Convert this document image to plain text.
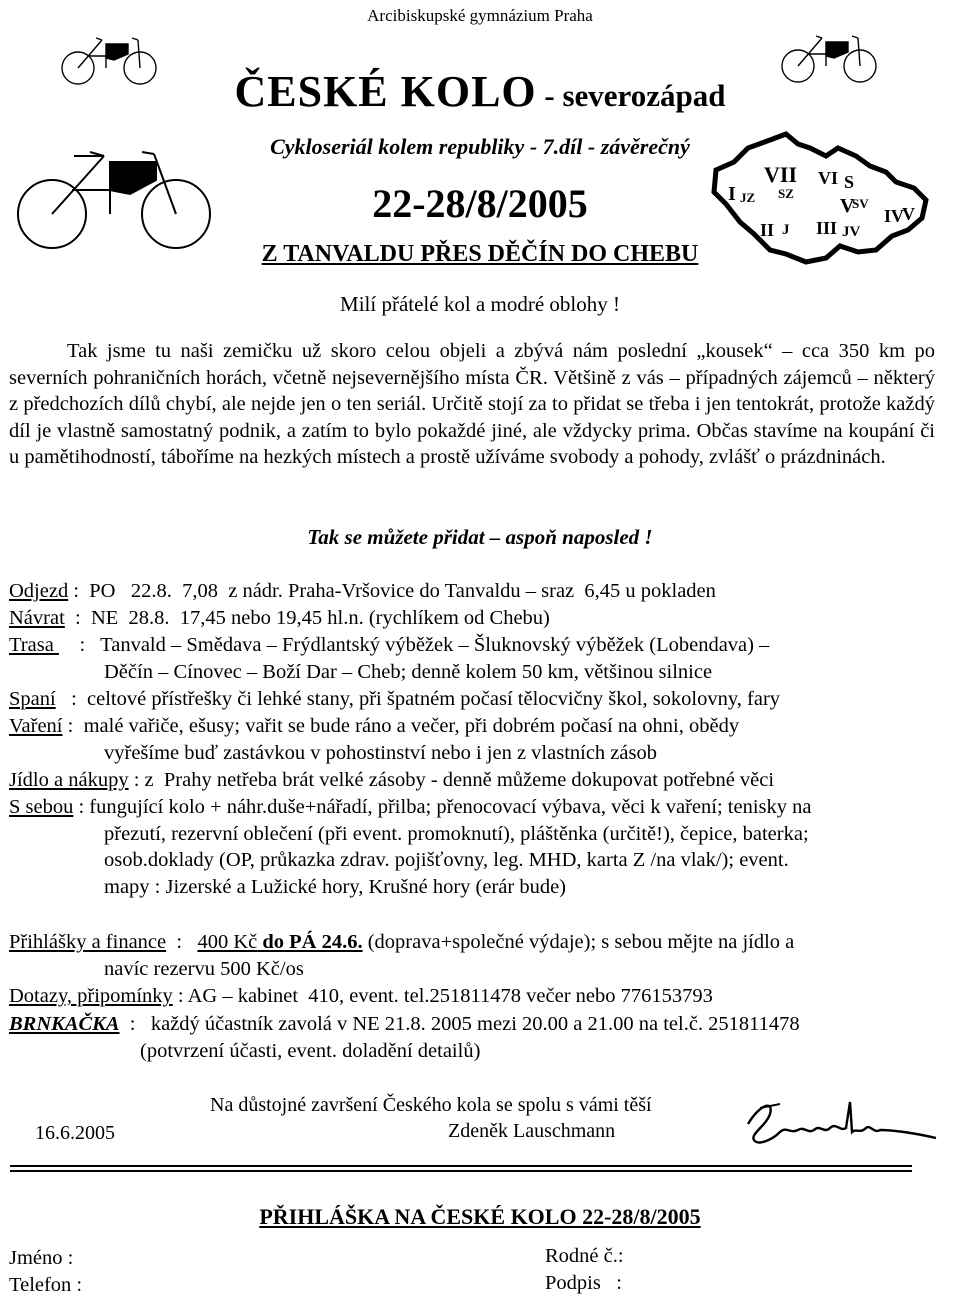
Arcibiskupské gymnázium Praha
I JZ SZ
VII VI S
V
SV
IV
V
II J III JV
ČESKÉ KOLO - severozápad
Cykloseriál kolem republiky - 7.díl - závěrečný
22-28/8/2005
Z TANVALDU PŘES DĚČÍN DO CHEBU
Milí přátelé kol a modré oblohy !
Tak jsme tu naši zemičku už skoro celou objeli a zbývá nám poslední „kousek“ – cca 350 km po severních pohraničních horách, včetně nejsevernějšího místa ČR. Většině z vás – případných zájemců – některý z předchozích dílů chybí, ale nejde jen o ten seriál. Určitě stojí za to přidat se třeba i jen tentokrát, protože každý díl je vlastně samostatný podnik, a zatím to bylo pokaždé jiné, ale vždycky prima. Občas stavíme na koupání či u pamětihodností, táboříme na hezkých místech a prostě užíváme svobody a pohody, zvlášť o prázdninách.
Tak se můžete přidat – aspoň naposled !
Odjezd :  PO   22.8.  7,08  z nádr. Praha-Vršovice do Tanvaldu – sraz  6,45 u pokladen
Návrat  :  NE  28.8.  17,45 nebo 19,45 hl.n. (rychlíkem od Chebu)
Trasa     :   Tanvald – Smědava – Frýdlantský výběžek – Šluknovský výběžek (Lobendava) –
Děčín – Cínovec – Boží Dar – Cheb; denně kolem 50 km, většinou silnice
Spaní   :  celtové přístřešky či lehké stany, při špatném počasí tělocvičny škol, sokolovny, fary
Vaření :  malé vařiče, ešusy; vařit se bude ráno a večer, při dobrém počasí na ohni, obědy
vyřešíme buď zastávkou v pohostinství nebo i jen z vlastních zásob
Jídlo a nákupy : z  Prahy netřeba brát velké zásoby - denně můžeme dokupovat potřebné věci
S sebou : fungující kolo + náhr.duše+nářadí, přilba; přenocovací výbava, věci k vaření; tenisky na
přezutí, rezervní oblečení (při event. promoknutí), pláštěnka (určitě!), čepice, baterka;
osob.doklady (OP, průkazka zdrav. pojišťovny, leg. MHD, karta Z /na vlak/); event.
mapy : Jizerské a Lužické hory, Krušné hory (erár bude)
Přihlášky a finance  :   400 Kč do PÁ 24.6. (doprava+společné výdaje); s sebou mějte na jídlo a
navíc rezervu 500 Kč/os
Dotazy, připomínky : AG – kabinet  410, event. tel.251811478 večer nebo 776153793
BRNKAČKA  :   každý účastník zavolá v NE 21.8. 2005 mezi 20.00 a 21.00 na tel.č. 251811478
(potvrzení účasti, event. doladění detailů)
Na důstojné završení Českého kola se spolu s vámi těší
Zdeněk Lauschmann
16.6.2005
PŘIHLÁŠKA NA ČESKÉ KOLO 22-28/8/2005
Jméno :
Telefon :
Rodné č.:
Podpis   :
